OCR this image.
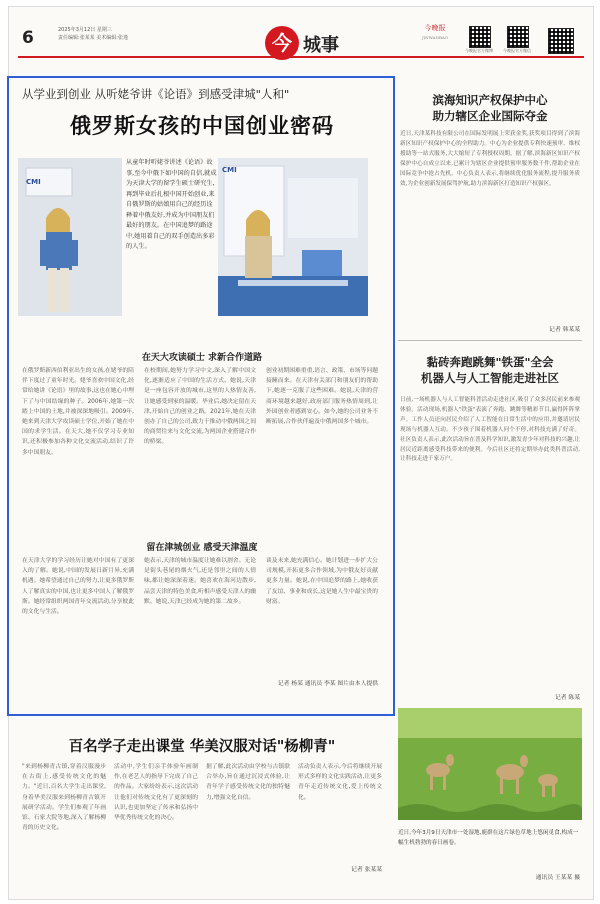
6	2025年3月12日 星期三
责任编辑:张某某 美术编辑:张逸	今 城事
今晚报
JINWANBAO
今晚报官方微博	今晚报官方微信
从学业到创业 从听姥爷讲《论语》到感受津城"人和"
俄罗斯女孩的中国创业密码
CMI
从童年时听姥爷讲述《论语》故事,至今中俄下如中国的自信,就成为天津大学的留学生硕士研究生,再到毕业后扎根中国开始创业,来自俄罗斯的姑娘用自己的经历诠释着中俄友好,并成为中国朋友们最好的朋友。在中国追梦的路途中,她用着自己的双手创造出多彩的人生。
CMI
在天大攻读硕士 求新合作道路
在俄罗斯新西伯利亚出生的女孩,在姥爷的陪伴下度过了童年时光。姥爷喜欢中国文化,经常给她讲《论语》里的故事,这也在她心中埋下了与中国结缘的种子。2006年,她第一次踏上中国的土地,并被深深地吸引。2009年,她来到天津大学攻读硕士学位,开始了她在中国的求学生活。在天大,她不仅学习专业知识,还积极参加各种文化交流活动,结识了许多中国朋友。
在校期间,她努力学习中文,深入了解中国文化,逐渐适应了中国的生活方式。她说,天津是一座包容开放的城市,这里的人热情友善,让她感受到家的温暖。毕业后,她决定留在天津,开始自己的创业之路。2021年,她在天津创办了自己的公司,致力于推动中俄两国之间的商贸往来与文化交流,为两国企业搭建合作的桥梁。
创业初期困难重重,语言、政策、市场等问题接踵而来。在天津有关部门和朋友们的帮助下,她逐一克服了这些困难。她说,天津的营商环境越来越好,政府部门服务热情周到,让外国创业者感到安心。如今,她的公司业务不断拓展,合作伙伴遍及中俄两国多个城市。
留在津城创业 感受天津温度
在天津大学的学习经历让她对中国有了更深入的了解。她说,中国的发展日新月异,充满机遇。她希望通过自己的努力,让更多俄罗斯人了解真实的中国,也让更多中国人了解俄罗斯。她经常组织两国青年交流活动,分享彼此的文化与生活。
她表示,天津的城市温度让她难以割舍。无论是街头巷尾的烟火气,还是邻里之间的人情味,都让她深深着迷。她喜欢在海河边散步,品尝天津的特色美食,听相声感受天津人的幽默。她说,天津已经成为她的第二故乡。
谈及未来,她充满信心。她计划进一步扩大公司规模,开拓更多合作领域,为中俄友好贡献更多力量。她说,在中国追梦的路上,她收获了友谊、事业和成长,这是她人生中最宝贵的财富。
记者 杨某 通讯员 李某 图片由本人提供
滨海知识产权保护中心
助力辖区企业国际夺金
近日,天津某科技有限公司在国际发明展上荣获金奖,获奖项目得到了滨海新区知识产权保护中心的全程助力。中心为企业提供专利快速预审、维权援助等一站式服务,大大缩短了专利授权周期。据了解,滨海新区知识产权保护中心自成立以来,已累计为辖区企业提供预审服务数千件,帮助企业在国际竞争中抢占先机。中心负责人表示,将继续优化服务流程,提升服务质效,为企业创新发展保驾护航,助力滨海新区打造知识产权强区。
记者 韩某某
黏砖奔跑跳舞"铁蛋"全会
机器人与人工智能走进社区
日前,一场机器人与人工智能科普活动走进社区,吸引了众多居民前来参观体验。活动现场,机器人"铁蛋"表演了奔跑、跳舞等精彩节目,赢得阵阵掌声。工作人员还向居民介绍了人工智能在日常生活中的应用,并邀请居民现场与机器人互动。不少孩子围着机器人问个不停,对科技充满了好奇。社区负责人表示,此次活动旨在普及科学知识,激发青少年对科技的兴趣,让居民近距离感受科技带来的便利。今后社区还将定期举办此类科普活动,让科技走进千家万户。
记者 陈某
近日,今年3月9日天津市一处湿地,鹿群在这片绿色草地上悠闲觅食,构成一幅生机勃勃的春日画卷。
通讯员 王某某 摄
百名学子走出课堂 华美汉服对话"杨柳青"
"来到杨柳青古镇,穿着汉服漫步在古街上,感受传统文化的魅力。"近日,百名大学生走出课堂,身着华美汉服来到杨柳青古镇开展研学活动。学生们参观了年画馆、石家大院等地,深入了解杨柳青的历史文化。
活动中,学生们亲手体验年画制作,在老艺人的指导下完成了自己的作品。大家纷纷表示,这次活动让他们对传统文化有了更深刻的认识,也更加坚定了传承和弘扬中华优秀传统文化的决心。
据了解,此次活动由学校与古镇联合举办,旨在通过沉浸式体验,让青年学子感受传统文化的独特魅力,增强文化自信。
活动负责人表示,今后将继续开展形式多样的文化实践活动,让更多青年走近传统文化,爱上传统文化。
记者 张某某
